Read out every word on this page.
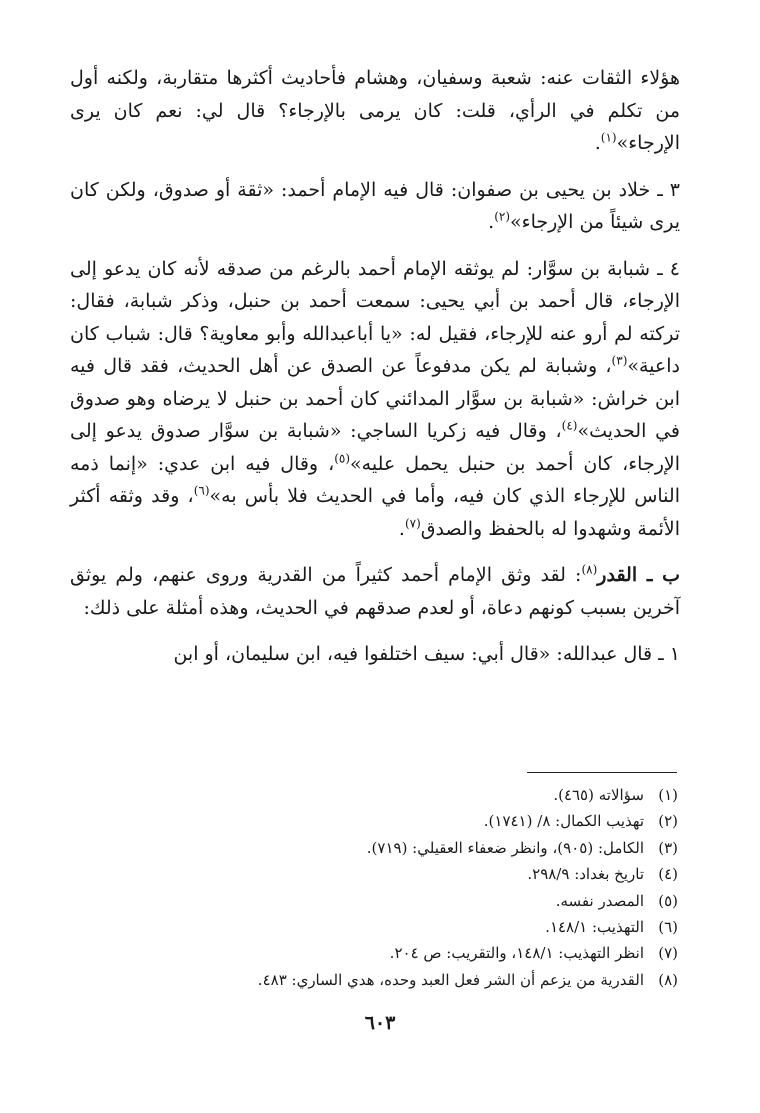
هؤلاء الثقات عنه: شعبة وسفيان، وهشام فأحاديث أكثرها متقاربة، ولكنه أول من تكلم في الرأي، قلت: كان يرمى بالإرجاء؟ قال لي: نعم كان يرى الإرجاء»$^{(١)}$.

٣ ـ خلاد بن يحيى بن صفوان: قال فيه الإمام أحمد: «ثقة أو صدوق، ولكن كان يرى شيئاً من الإرجاء»$^{(٢)}$.

٤ ـ شبابة بن سوَّار: لم يوثقه الإمام أحمد بالرغم من صدقه لأنه كان يدعو إلى الإرجاء، قال أحمد بن أبي يحيى: سمعت أحمد بن حنبل، وذكر شبابة، فقال: تركته لم أرو عنه للإرجاء، فقيل له: «يا أباعبدالله وأبو معاوية؟ قال: شباب كان داعية»$^{(٣)}$، وشبابة لم يكن مدفوعاً عن الصدق عن أهل الحديث، فقد قال فيه ابن خراش: «شبابة بن سوَّار المدائني كان أحمد بن حنبل لا يرضاه وهو صدوق في الحديث»$^{(٤)}$، وقال فيه زكريا الساجي: «شبابة بن سوَّار صدوق يدعو إلى الإرجاء، كان أحمد بن حنبل يحمل عليه»$^{(٥)}$، وقال فيه ابن عدي: «إنما ذمه الناس للإرجاء الذي كان فيه، وأما في الحديث فلا بأس به»$^{(٦)}$، وقد وثقه أكثر الأئمة وشهدوا له بالحفظ والصدق$^{(٧)}$.

ب ـ القدر$^{(٨)}$: لقد وثق الإمام أحمد كثيراً من القدرية وروى عنهم، ولم يوثق آخرين بسبب كونهم دعاة، أو لعدم صدقهم في الحديث، وهذه أمثلة على ذلك:

١ ـ قال عبدالله: «قال أبي: سيف اختلفوا فيه، ابن سليمان، أو ابن

(١)
سؤالاته (٤٦٥).
(٢)
تهذيب الكمال: ٨/ (١٧٤١).
(٣)
الكامل: (٩٠٥)، وانظر ضعفاء العقيلي: (٧١٩).
(٤)
تاريخ بغداد: ٢٩٨/٩.
(٥)
المصدر نفسه.
(٦)
التهذيب: ١٤٨/١.
(٧)
انظر التهذيب: ١٤٨/١، والتقريب: ص ٢٠٤.
(٨)
القدرية من يزعم أن الشر فعل العبد وحده، هدي الساري: ٤٨٣.
٦٠٣
